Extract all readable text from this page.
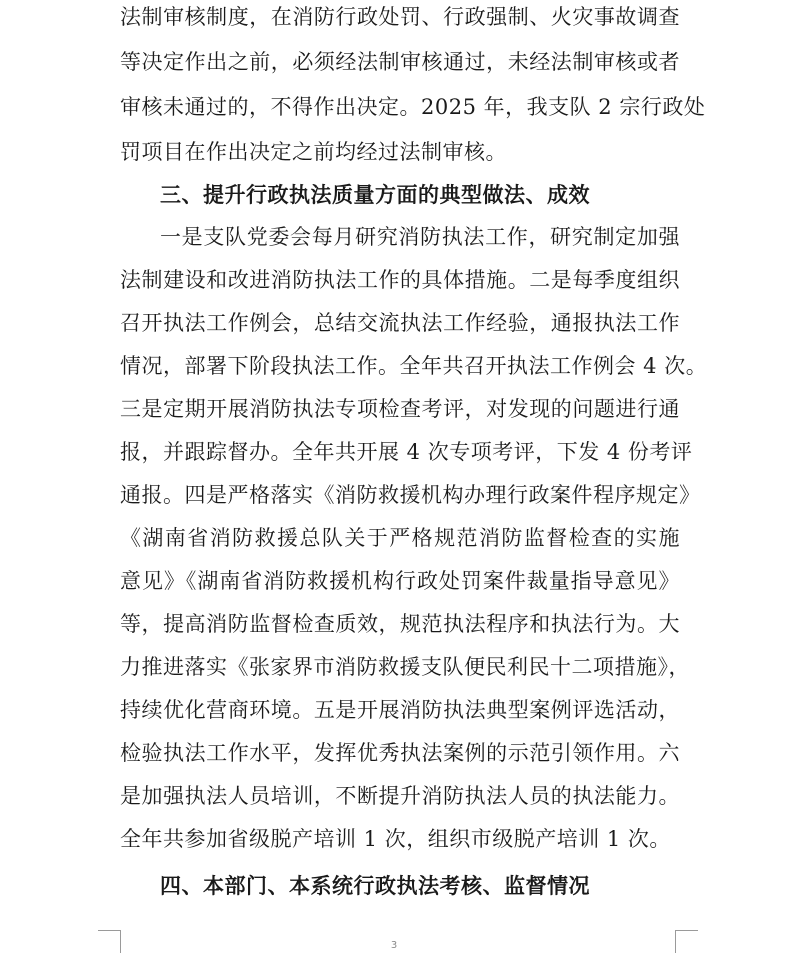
法制审核制度，在消防行政处罚、行政强制、火灾事故调查
等决定作出之前，必须经法制审核通过，未经法制审核或者
审核未通过的，不得作出决定。2025 年，我支队 2 宗行政处
罚项目在作出决定之前均经过法制审核。
三、提升行政执法质量方面的典型做法、成效
一是支队党委会每月研究消防执法工作，研究制定加强
法制建设和改进消防执法工作的具体措施。二是每季度组织
召开执法工作例会，总结交流执法工作经验，通报执法工作
情况，部署下阶段执法工作。全年共召开执法工作例会 4 次。
三是定期开展消防执法专项检查考评，对发现的问题进行通
报，并跟踪督办。全年共开展 4 次专项考评，下发 4 份考评
通报。四是严格落实《消防救援机构办理行政案件程序规定》
《湖南省消防救援总队关于严格规范消防监督检查的实施
意见》《湖南省消防救援机构行政处罚案件裁量指导意见》
等，提高消防监督检查质效，规范执法程序和执法行为。大
力推进落实《张家界市消防救援支队便民利民十二项措施》，
持续优化营商环境。五是开展消防执法典型案例评选活动，
检验执法工作水平，发挥优秀执法案例的示范引领作用。六
是加强执法人员培训，不断提升消防执法人员的执法能力。
全年共参加省级脱产培训 1 次，组织市级脱产培训 1 次。
四、本部门、本系统行政执法考核、监督情况
3
